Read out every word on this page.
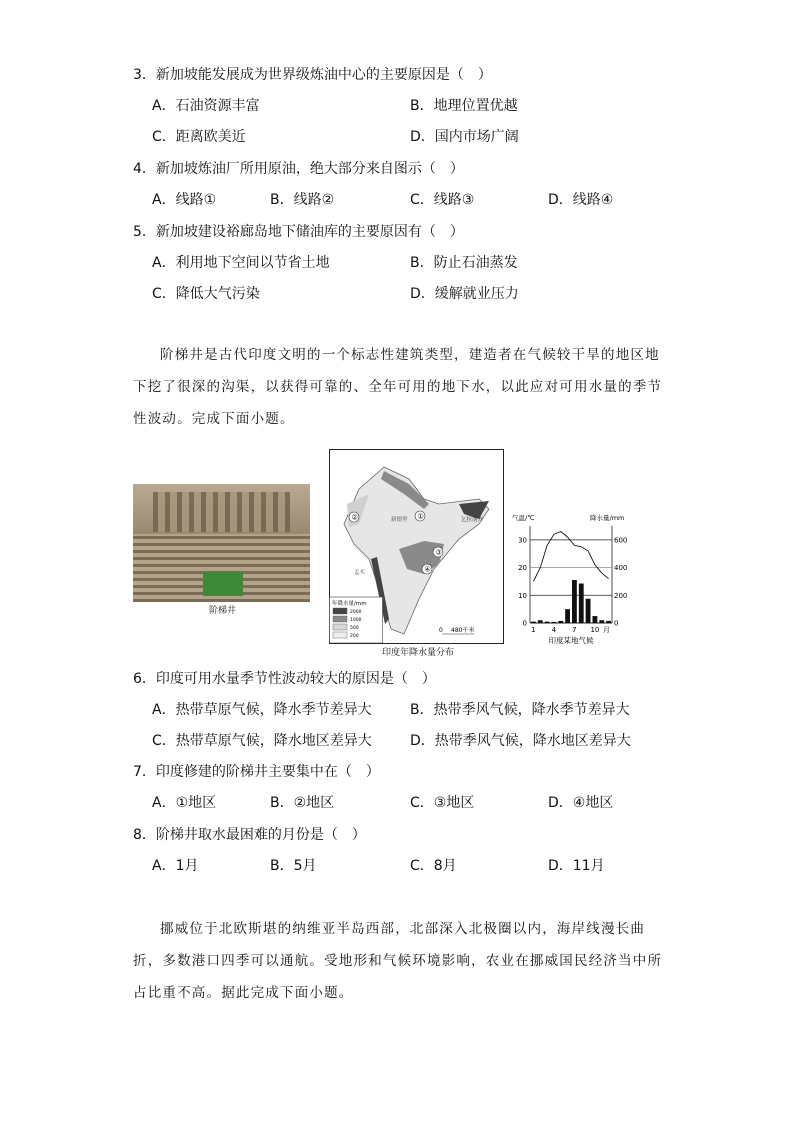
3．新加坡能发展成为世界级炼油中心的主要原因是（　）
A．石油资源丰富	B．地理位置优越
C．距离欧美近	D．国内市场广阔
4．新加坡炼油厂所用原油，绝大部分来自图示（　）
A．线路①	B．线路②	C．线路③	D．线路④
5．新加坡建设裕廊岛地下储油库的主要原因有（　）
A．利用地下空间以节省土地	B．防止石油蒸发
C．降低大气污染	D．缓解就业压力
6．印度可用水量季节性波动较大的原因是（　）
A．热带草原气候，降水季节差异大	B．热带季风气候，降水季节差异大
C．热带草原气候，降水地区差异大	D．热带季风气候，降水地区差异大
7．印度修建的阶梯井主要集中在（　）
A．①地区	B．②地区	C．③地区	D．④地区
8．阶梯井取水最困难的月份是（　）
A．1月	B．5月	C．8月	D．11月
阶梯井是古代印度文明的一个标志性建筑类型，建造者在气候较干旱的地区地下挖了很深的沟渠，以获得可靠的、全年可用的地下水，以此应对可用水量的季节性波动。完成下面小题。
阶梯井
①
②
③
④
新德里
孟买
乞拉朋齐
年降水量/mm
2000
1000
500
200
0 480千米
印度年降水量分布
气温/℃	降水量/mm
0	0
10	200
20	400
30	600
1 4 7 10 月
印度某地气候
挪威位于北欧斯堪的纳维亚半岛西部，北部深入北极圈以内，海岸线漫长曲折，多数港口四季可以通航。受地形和气候环境影响，农业在挪威国民经济当中所占比重不高。据此完成下面小题。
